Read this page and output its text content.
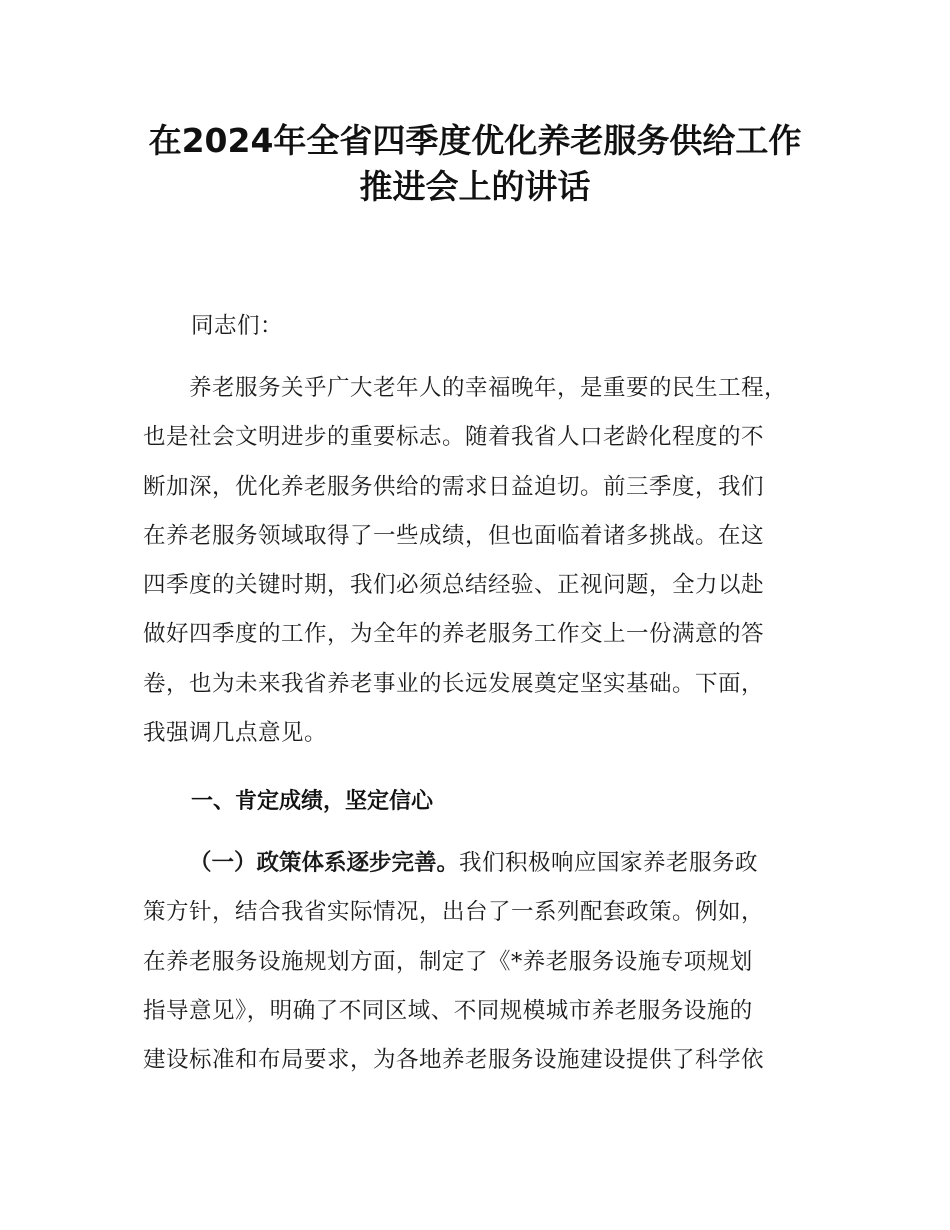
在2024年全省四季度优化养老服务供给工作
推进会上的讲话

同志们：

养老服务关乎广大老年人的幸福晚年，是重要的民生工程，
也是社会文明进步的重要标志。随着我省人口老龄化程度的不
断加深，优化养老服务供给的需求日益迫切。前三季度，我们
在养老服务领域取得了一些成绩，但也面临着诸多挑战。在这
四季度的关键时期，我们必须总结经验、正视问题，全力以赴
做好四季度的工作，为全年的养老服务工作交上一份满意的答
卷，也为未来我省养老事业的长远发展奠定坚实基础。下面，
我强调几点意见。
一、肯定成绩，坚定信心
（一）政策体系逐步完善。我们积极响应国家养老服务政
策方针，结合我省实际情况，出台了一系列配套政策。例如，
在养老服务设施规划方面，制定了《*养老服务设施专项规划
指导意见》，明确了不同区域、不同规模城市养老服务设施的
建设标准和布局要求，为各地养老服务设施建设提供了科学依
